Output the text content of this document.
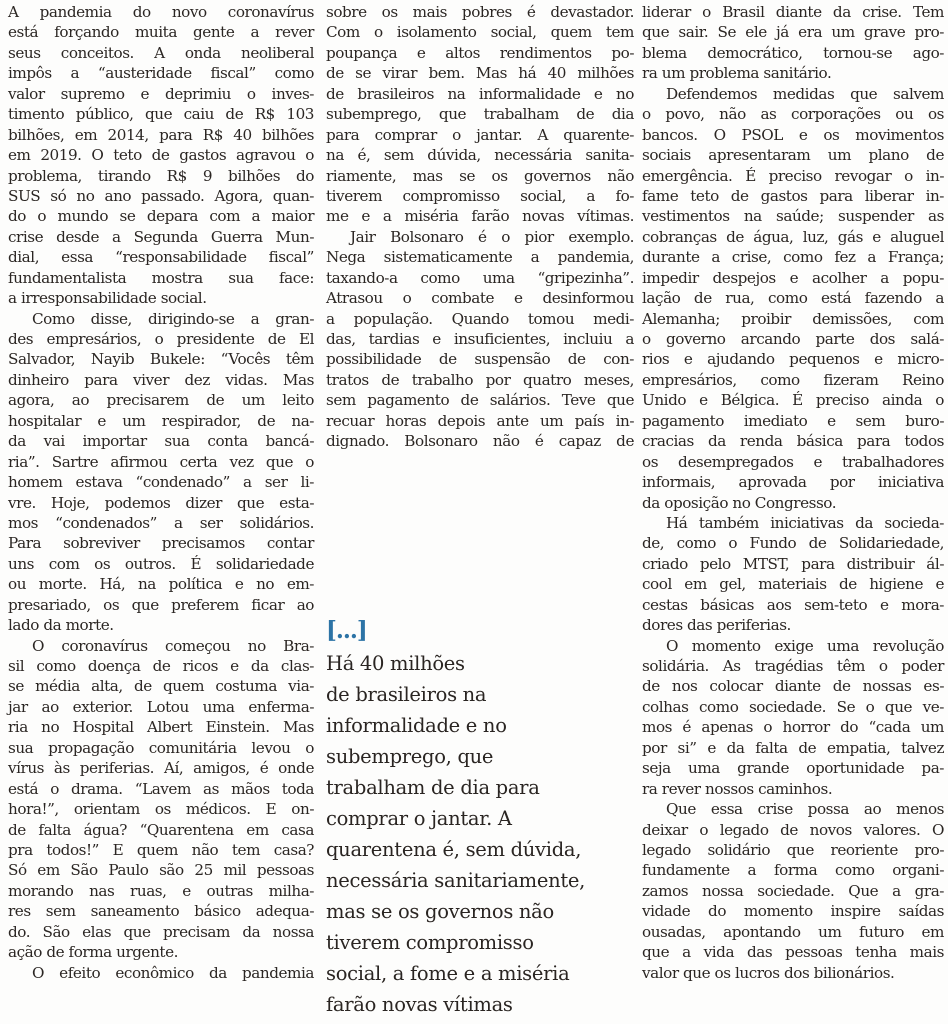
A pandemia do novo coronavírus
está forçando muita gente a rever
seus conceitos. A onda neoliberal
impôs a “austeridade fiscal” como
valor supremo e deprimiu o inves-
timento público, que caiu de R$ 103
bilhões, em 2014, para R$ 40 bilhões
em 2019. O teto de gastos agravou o
problema, tirando R$ 9 bilhões do
SUS só no ano passado. Agora, quan-
do o mundo se depara com a maior
crise desde a Segunda Guerra Mun-
dial, essa “responsabilidade fiscal”
fundamentalista mostra sua face:
a irresponsabilidade social.
Como disse, dirigindo-se a gran-
des empresários, o presidente de El
Salvador, Nayib Bukele: “Vocês têm
dinheiro para viver dez vidas. Mas
agora, ao precisarem de um leito
hospitalar e um respirador, de na-
da vai importar sua conta bancá-
ria”. Sartre afirmou certa vez que o
homem estava “condenado” a ser li-
vre. Hoje, podemos dizer que esta-
mos “condenados” a ser solidários.
Para sobreviver precisamos contar
uns com os outros. É solidariedade
ou morte. Há, na política e no em-
presariado, os que preferem ficar ao
lado da morte.
O coronavírus começou no Bra-
sil como doença de ricos e da clas-
se média alta, de quem costuma via-
jar ao exterior. Lotou uma enferma-
ria no Hospital Albert Einstein. Mas
sua propagação comunitária levou o
vírus às periferias. Aí, amigos, é onde
está o drama. “Lavem as mãos toda
hora!”, orientam os médicos. E on-
de falta água? “Quarentena em casa
pra todos!” E quem não tem casa?
Só em São Paulo são 25 mil pessoas
morando nas ruas, e outras milha-
res sem saneamento básico adequa-
do. São elas que precisam da nossa
ação de forma urgente.
O efeito econômico da pandemia
sobre os mais pobres é devastador.
Com o isolamento social, quem tem
poupança e altos rendimentos po-
de se virar bem. Mas há 40 milhões
de brasileiros na informalidade e no
subemprego, que trabalham de dia
para comprar o jantar. A quarente-
na é, sem dúvida, necessária sanita-
riamente, mas se os governos não
tiverem compromisso social, a fo-
me e a miséria farão novas vítimas.
Jair Bolsonaro é o pior exemplo.
Nega sistematicamente a pandemia,
taxando-a como uma “gripezinha”.
Atrasou o combate e desinformou
a população. Quando tomou medi-
das, tardias e insuficientes, incluiu a
possibilidade de suspensão de con-
tratos de trabalho por quatro meses,
sem pagamento de salários. Teve que
recuar horas depois ante um país in-
dignado. Bolsonaro não é capaz de
liderar o Brasil diante da crise. Tem
que sair. Se ele já era um grave pro-
blema democrático, tornou-se ago-
ra um problema sanitário.
Defendemos medidas que salvem
o povo, não as corporações ou os
bancos. O PSOL e os movimentos
sociais apresentaram um plano de
emergência. É preciso revogar o in-
fame teto de gastos para liberar in-
vestimentos na saúde; suspender as
cobranças de água, luz, gás e aluguel
durante a crise, como fez a França;
impedir despejos e acolher a popu-
lação de rua, como está fazendo a
Alemanha; proibir demissões, com
o governo arcando parte dos salá-
rios e ajudando pequenos e micro-
empresários, como fizeram Reino
Unido e Bélgica. É preciso ainda o
pagamento imediato e sem buro-
cracias da renda básica para todos
os desempregados e trabalhadores
informais, aprovada por iniciativa
da oposição no Congresso.
Há também iniciativas da socieda-
de, como o Fundo de Solidariedade,
criado pelo MTST, para distribuir ál-
cool em gel, materiais de higiene e
cestas básicas aos sem-teto e mora-
dores das periferias.
O momento exige uma revolução
solidária. As tragédias têm o poder
de nos colocar diante de nossas es-
colhas como sociedade. Se o que ve-
mos é apenas o horror do “cada um
por si” e da falta de empatia, talvez
seja uma grande oportunidade pa-
ra rever nossos caminhos.
Que essa crise possa ao menos
deixar o legado de novos valores. O
legado solidário que reoriente pro-
fundamente a forma como organi-
zamos nossa sociedade. Que a gra-
vidade do momento inspire saídas
ousadas, apontando um futuro em
que a vida das pessoas tenha mais
valor que os lucros dos bilionários.
[...]
Há 40 milhões
de brasileiros na
informalidade e no
subemprego, que
trabalham de dia para
comprar o jantar. A
quarentena é, sem dúvida,
necessária sanitariamente,
mas se os governos não
tiverem compromisso
social, a fome e a miséria
farão novas vítimas
